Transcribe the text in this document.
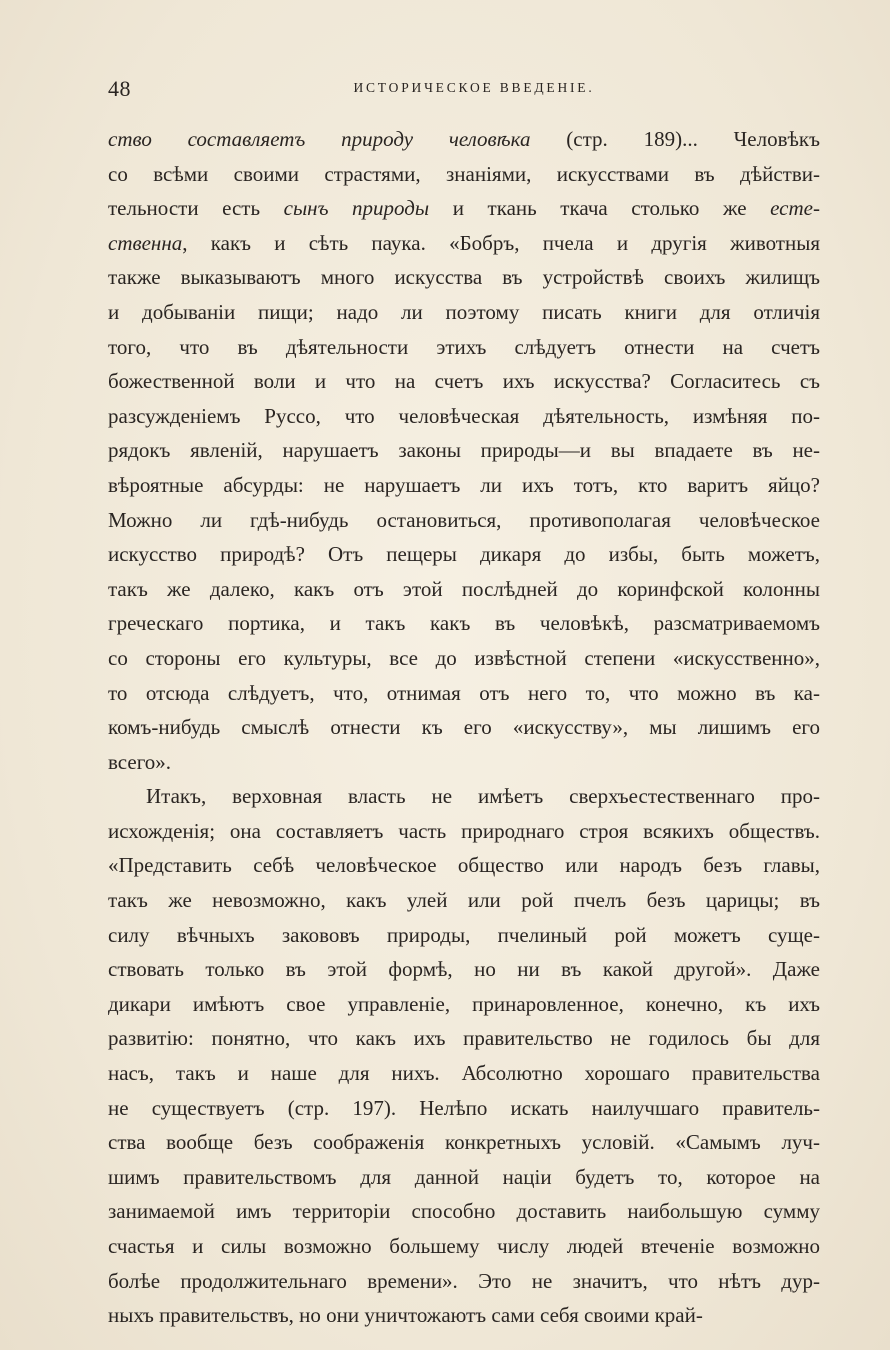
48	ИСТОРИЧЕСКОЕ ВВЕДЕНІЕ.
ство составляетъ природу человѣка (стр. 189)... Человѣкъ
со всѣми своими страстями, знаніями, искусствами въ дѣйстви-
тельности есть сынъ природы и ткань ткача столько же есте-
ственна, какъ и сѣть паука. «Бобръ, пчела и другія животныя
также выказываютъ много искусства въ устройствѣ своихъ жилищъ
и добываніи пищи; надо ли поэтому писать книги для отличія
того, что въ дѣятельности этихъ слѣдуетъ отнести на счетъ
божественной воли и что на счетъ ихъ искусства? Согласитесь съ
разсужденіемъ Руссо, что человѣческая дѣятельность, измѣняя по-
рядокъ явленій, нарушаетъ законы природы—и вы впадаете въ не-
вѣроятные абсурды: не нарушаетъ ли ихъ тотъ, кто варитъ яйцо?
Можно ли гдѣ-нибудь остановиться, противополагая человѣческое
искусство природѣ? Отъ пещеры дикаря до избы, быть можетъ,
такъ же далеко, какъ отъ этой послѣдней до коринфской колонны
греческаго портика, и такъ какъ въ человѣкѣ, разсматриваемомъ
со стороны его культуры, все до извѣстной степени «искусственно»,
то отсюда слѣдуетъ, что, отнимая отъ него то, что можно въ ка-
комъ-нибудь смыслѣ отнести къ его «искусству», мы лишимъ его
всего».
Итакъ, верховная власть не имѣетъ сверхъестественнаго про-
исхожденія; она составляетъ часть природнаго строя всякихъ обществъ.
«Представить себѣ человѣческое общество или народъ безъ главы,
такъ же невозможно, какъ улей или рой пчелъ безъ царицы; въ
силу вѣчныхъ закововъ природы, пчелиный рой можетъ суще-
ствовать только въ этой формѣ, но ни въ какой другой». Даже
дикари имѣютъ свое управленіе, принаровленное, конечно, къ ихъ
развитію: понятно, что какъ ихъ правительство не годилось бы для
насъ, такъ и наше для нихъ. Абсолютно хорошаго правительства
не существуетъ (стр. 197). Нелѣпо искать наилучшаго правитель-
ства вообще безъ соображенія конкретныхъ условій. «Самымъ луч-
шимъ правительствомъ для данной націи будетъ то, которое на
занимаемой имъ территоріи способно доставить наибольшую сумму
счастья и силы возможно большему числу людей втеченіе возможно
болѣе продолжительнаго времени». Это не значитъ, что нѣтъ дур-
ныхъ правительствъ, но они уничтожаютъ сами себя своими край-
